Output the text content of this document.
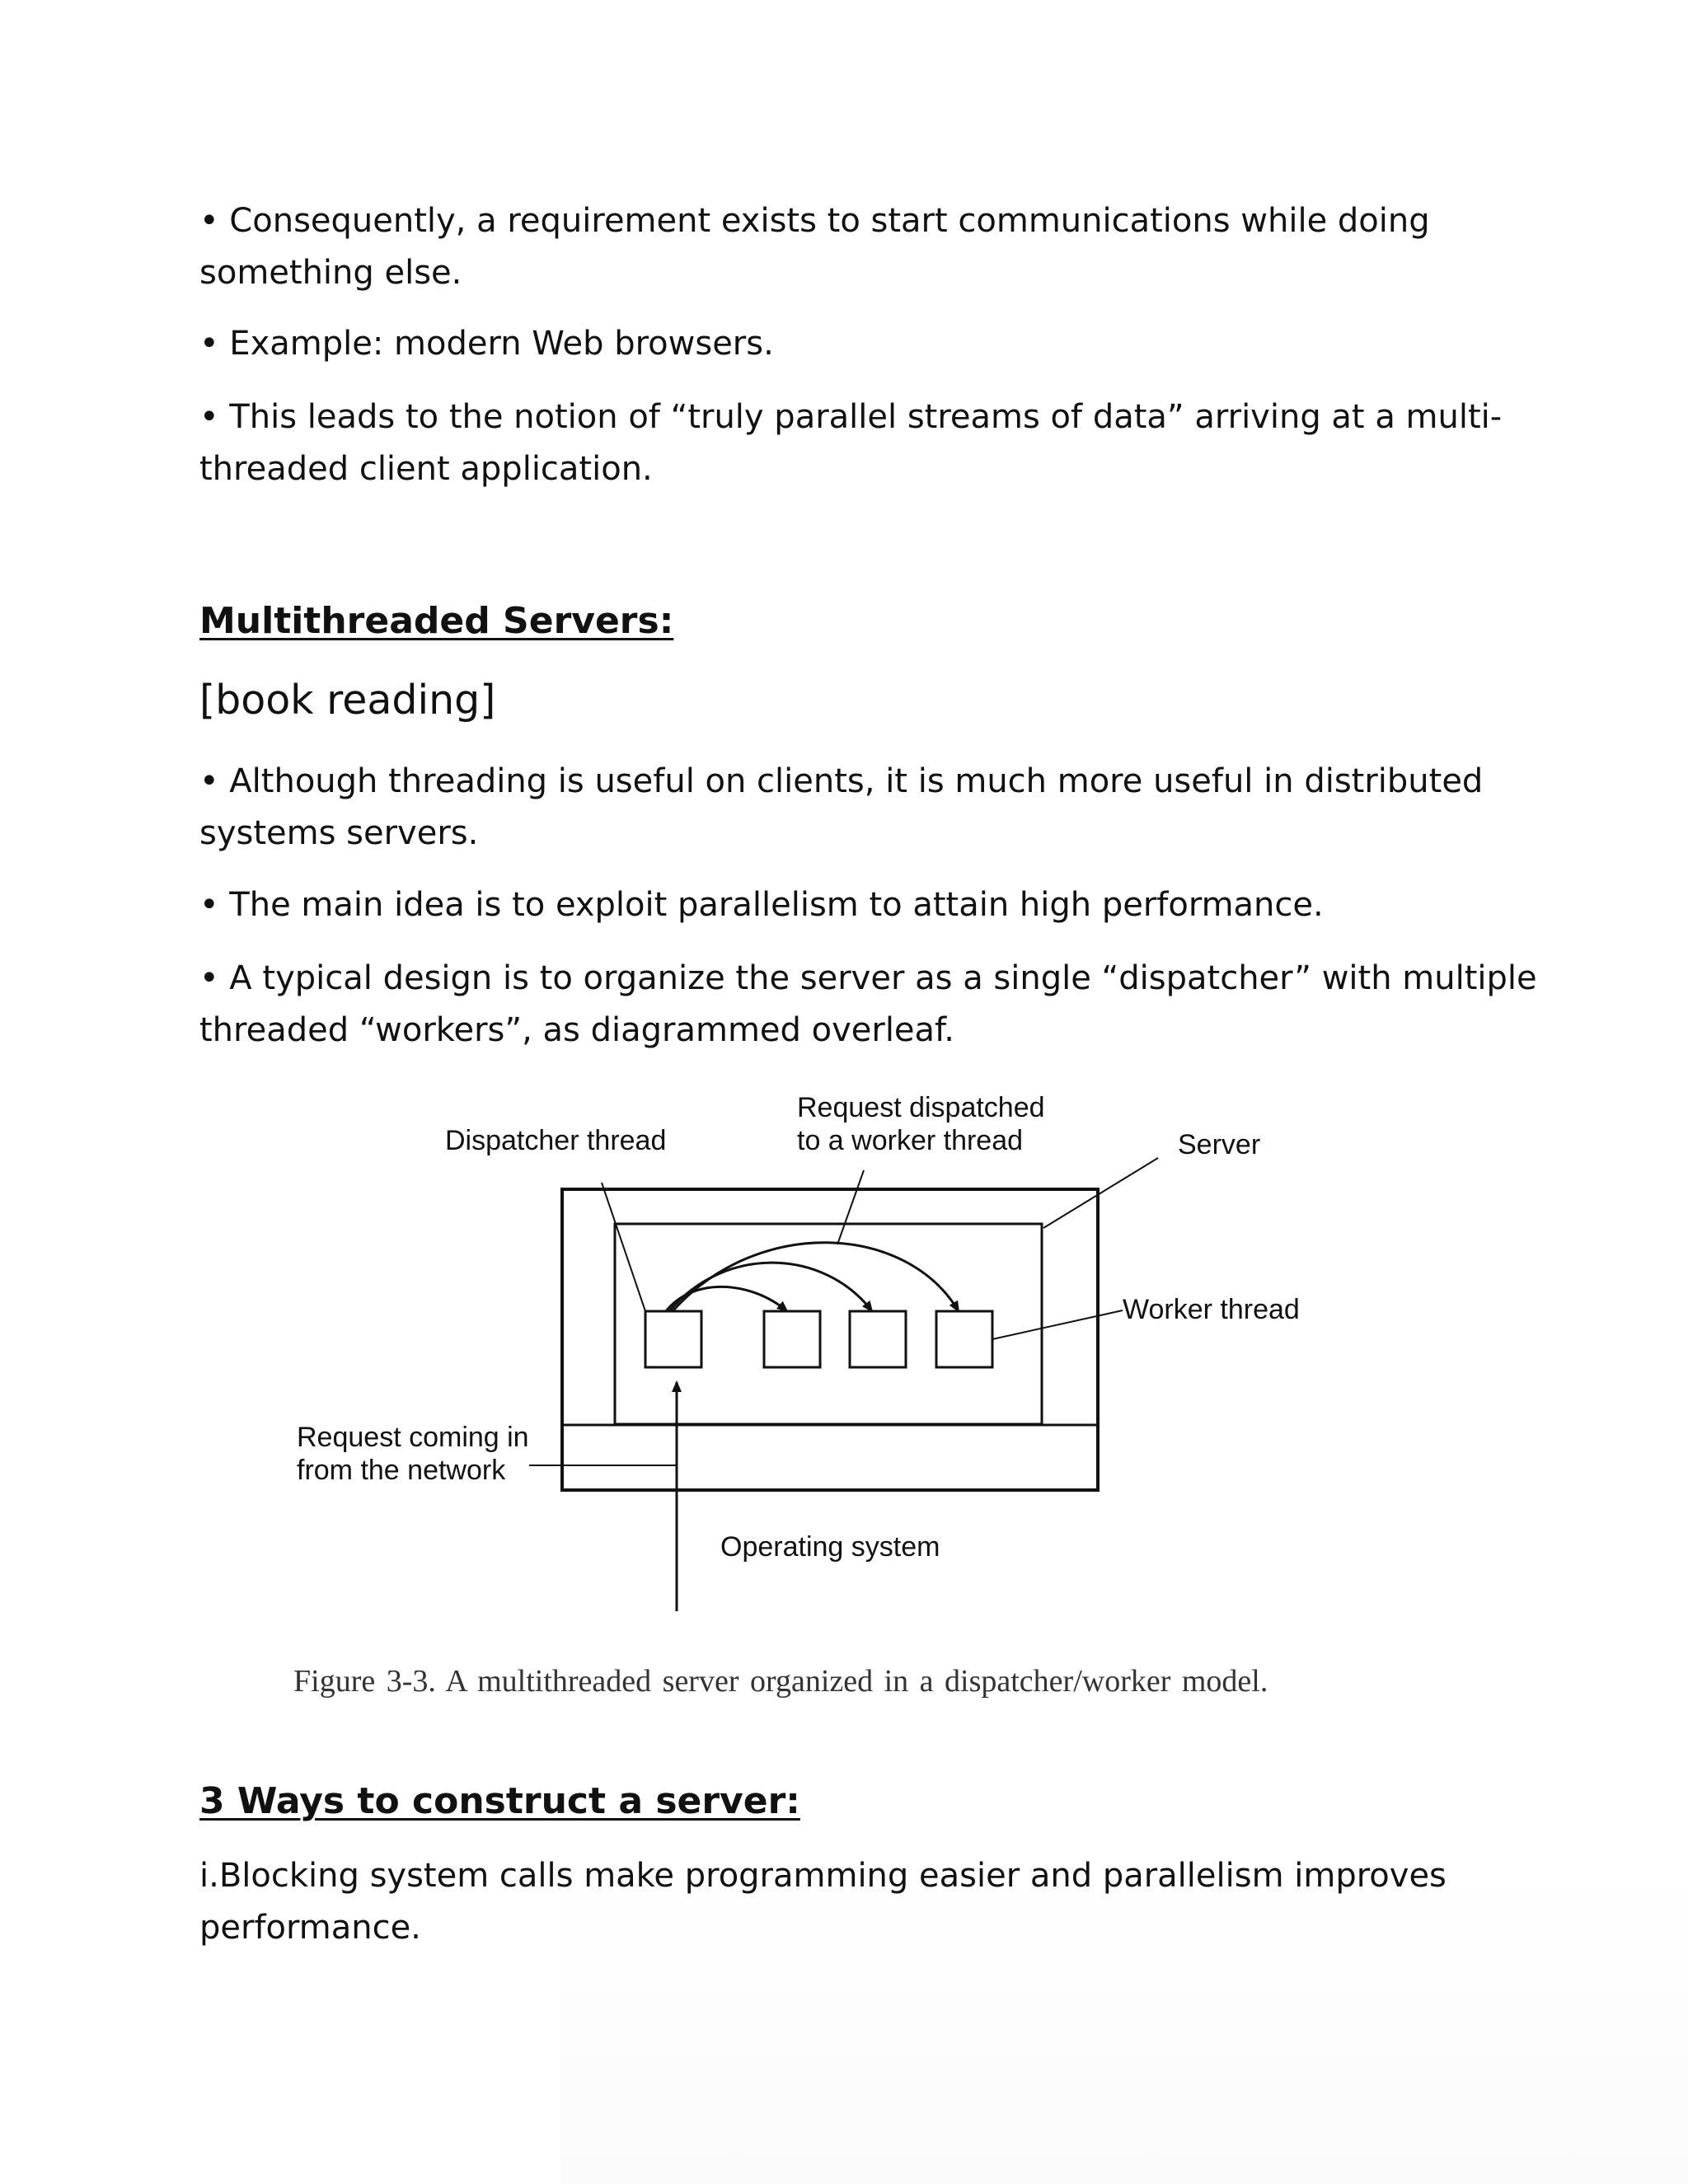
• Consequently, a requirement exists to start communications while doing
something else.

• Example: modern Web browsers.

• This leads to the notion of “truly parallel streams of data” arriving at a multi-
threaded client application.

Multithreaded Servers:

[book reading]

• Although threading is useful on clients, it is much more useful in distributed
systems servers.

• The main idea is to exploit parallelism to attain high performance.

• A typical design is to organize the server as a single “dispatcher” with multiple
threaded “workers”, as diagrammed overleaf.

Dispatcher thread
Request dispatched
to a worker thread	Server
Worker thread
Request coming in
from the network
Operating system
Figure 3-3. A multithreaded server organized in a dispatcher/worker model.
3 Ways to construct a server:

i.Blocking system calls make programming easier and parallelism improves
performance.
